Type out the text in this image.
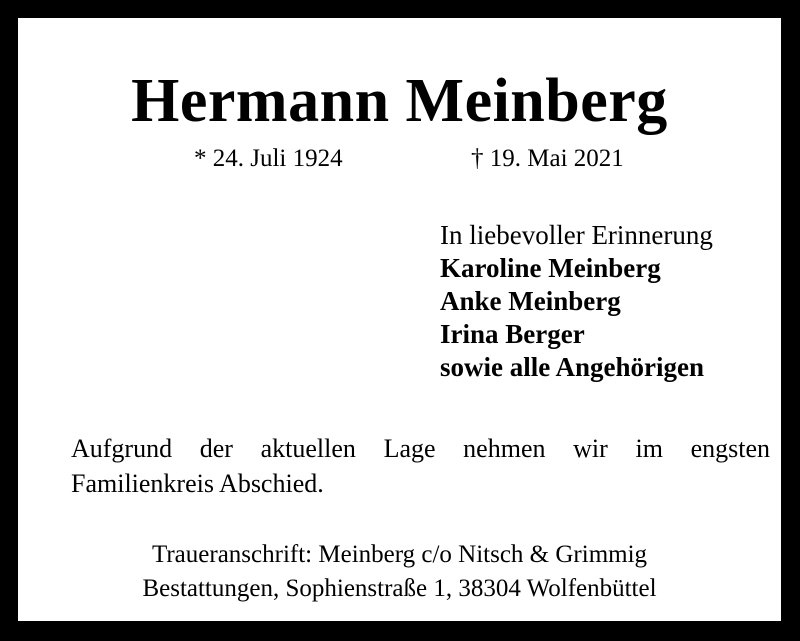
Hermann Meinberg
* 24. Juli 1924	† 19. Mai 2021
In liebevoller Erinnerung
Karoline Meinberg
Anke Meinberg
Irina Berger
sowie alle Angehörigen
Aufgrund der aktuellen Lage nehmen wir im engsten
Familienkreis Abschied.
Traueranschrift: Meinberg c/o Nitsch & Grimmig
Bestattungen, Sophienstraße 1, 38304 Wolfenbüttel
